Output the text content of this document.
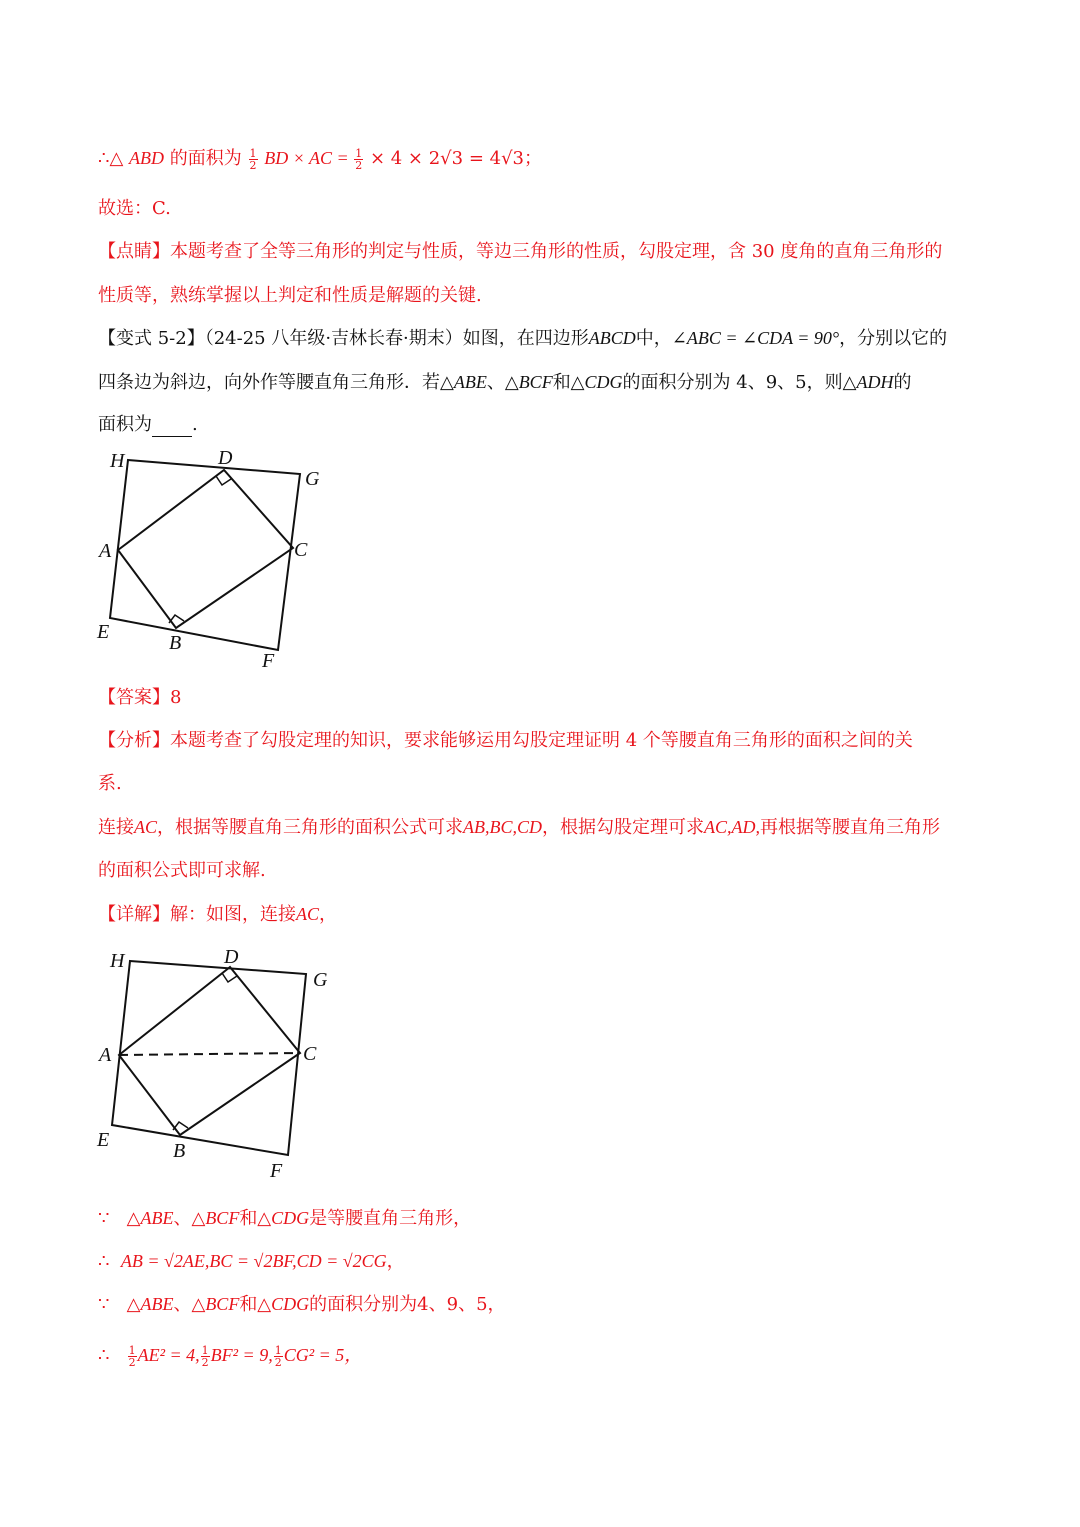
∴△ ABD 的面积为 $\frac{1}{2}$ BD × AC = $\frac{1}{2} \times 4 \times 2√3 = 4√3$；
故选：C.
【点睛】本题考查了全等三角形的判定与性质，等边三角形的性质，勾股定理，含 30 度角的直角三角形的
性质等，熟练掌握以上判定和性质是解题的关键.
【变式 5-2】（24-25 八年级·吉林长春·期末）如图，在四边形ABCD中，∠ABC = ∠CDA = 90°，分别以它的
四条边为斜边，向外作等腰直角三角形．若△ABE、△BCF和△CDG的面积分别为 4、9、5，则△ADH的
面积为 .
H	D
G
A	C
E	B
F
【答案】8
【分析】本题考查了勾股定理的知识，要求能够运用勾股定理证明 4 个等腰直角三角形的面积之间的关
系.
连接AC，根据等腰直角三角形的面积公式可求AB,BC,CD，根据勾股定理可求AC,AD,再根据等腰直角三角形
的面积公式即可求解.
【详解】解：如图，连接AC，
H	D
G
A	C
E	B
F
∵ △ABE、△BCF和△CDG是等腰直角三角形，
∴ AB = √2AE,BC = √2BF,CD = √2CG，
∵ △ABE、△BCF和△CDG的面积分别为4、9、5，
∴ $\frac{1}{2} AE^2 = 4$, $\frac{1}{2} BF^2 = 9$, $\frac{1}{2} CG^2 = 5$，
